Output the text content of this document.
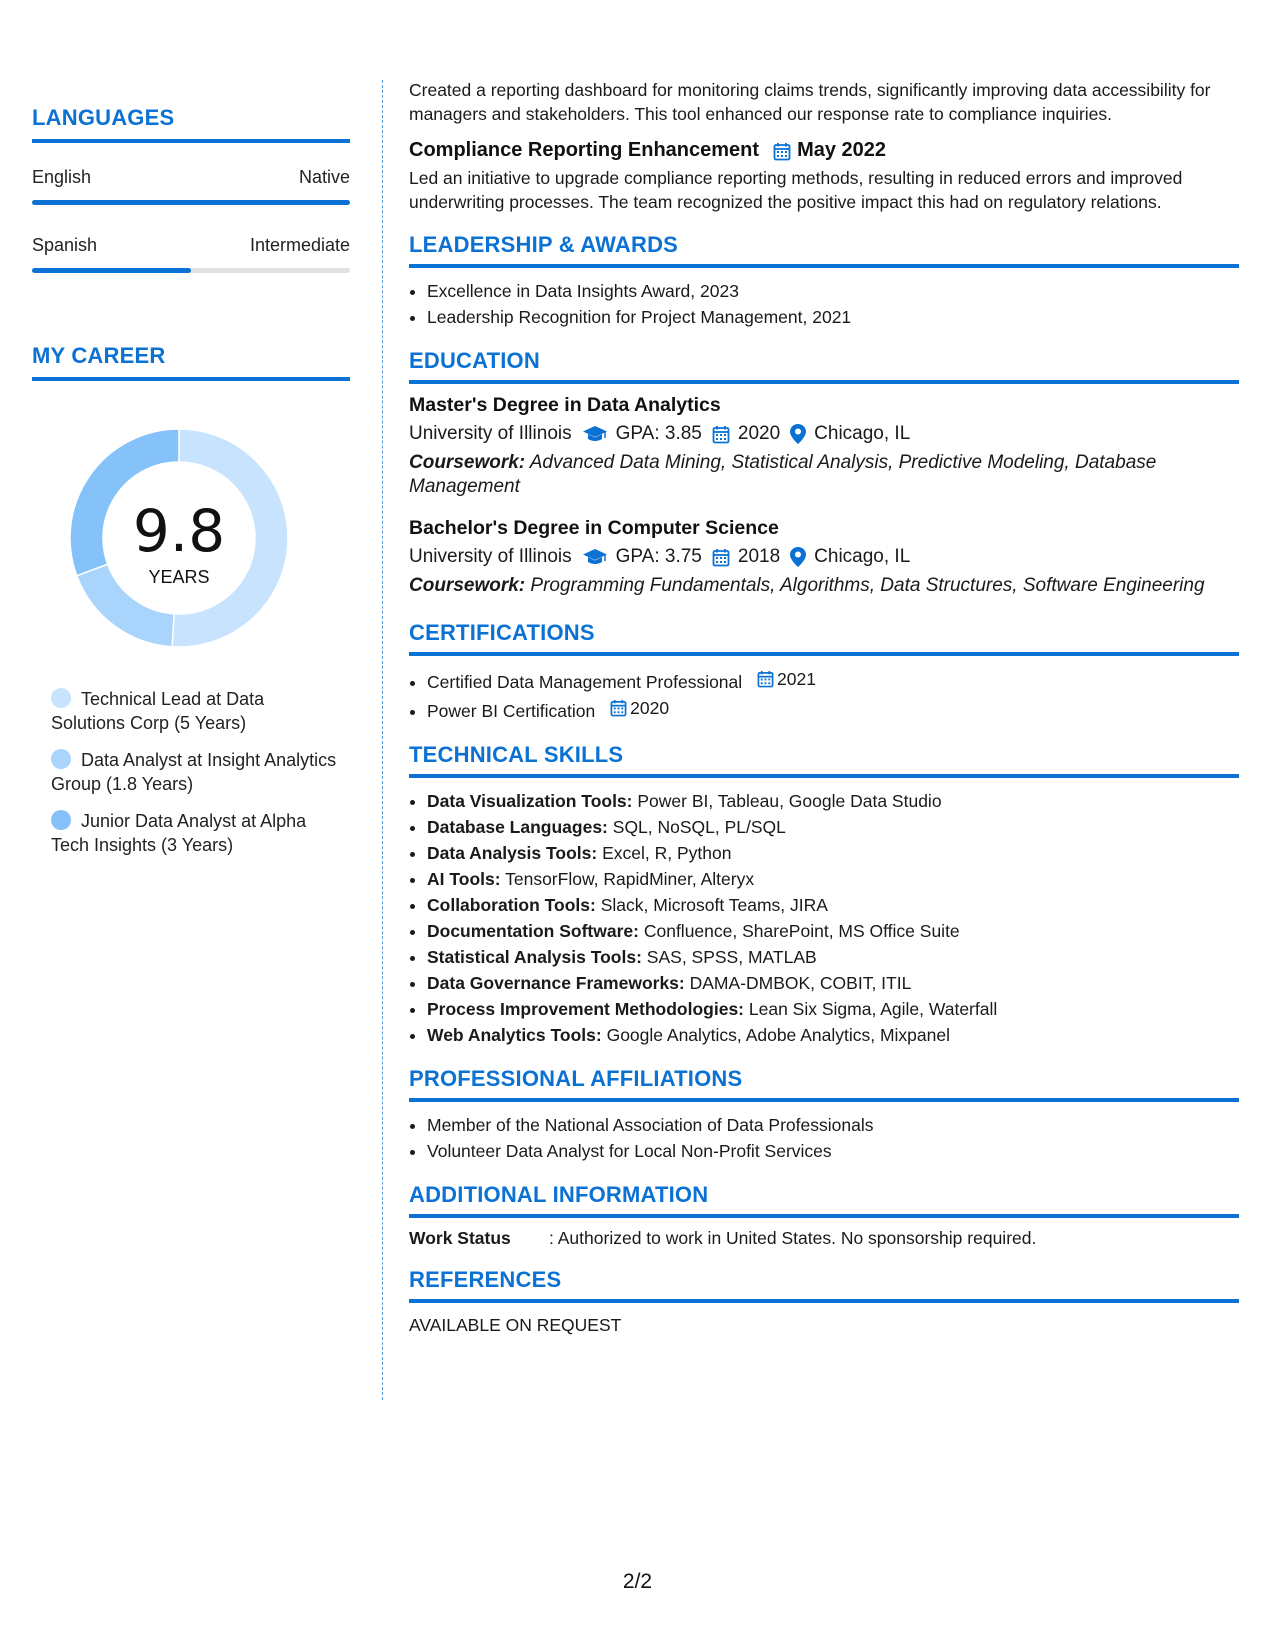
LANGUAGES
English	Native
Spanish	Intermediate
MY CAREER
9.8
YEARS
Technical Lead at Data Solutions Corp (5 Years)
Data Analyst at Insight Analytics Group (1.8 Years)
Junior Data Analyst at Alpha Tech Insights (3 Years)

Created a reporting dashboard for monitoring claims trends, significantly improving data accessibility for managers and stakeholders. This tool enhanced our response rate to compliance inquiries.

Compliance Reporting Enhancement May 2022

Led an initiative to upgrade compliance reporting methods, resulting in reduced errors and improved underwriting processes. The team recognized the positive impact this had on regulatory relations.

LEADERSHIP & AWARDS
• Excellence in Data Insights Award, 2023
• Leadership Recognition for Project Management, 2021
EDUCATION
Master's Degree in Data Analytics
University of Illinois GPA: 3.85 2020 Chicago, IL
Coursework: Advanced Data Mining, Statistical Analysis, Predictive Modeling, Database Management
Bachelor's Degree in Computer Science
University of Illinois GPA: 3.75 2018 Chicago, IL
Coursework: Programming Fundamentals, Algorithms, Data Structures, Software Engineering
CERTIFICATIONS
• Certified Data Management Professional 2021
• Power BI Certification 2020
TECHNICAL SKILLS
• Data Visualization Tools: Power BI, Tableau, Google Data Studio
• Database Languages: SQL, NoSQL, PL/SQL
• Data Analysis Tools: Excel, R, Python
• AI Tools: TensorFlow, RapidMiner, Alteryx
• Collaboration Tools: Slack, Microsoft Teams, JIRA
• Documentation Software: Confluence, SharePoint, MS Office Suite
• Statistical Analysis Tools: SAS, SPSS, MATLAB
• Data Governance Frameworks: DAMA-DMBOK, COBIT, ITIL
• Process Improvement Methodologies: Lean Six Sigma, Agile, Waterfall
• Web Analytics Tools: Google Analytics, Adobe Analytics, Mixpanel
PROFESSIONAL AFFILIATIONS
• Member of the National Association of Data Professionals
• Volunteer Data Analyst for Local Non-Profit Services
ADDITIONAL INFORMATION
Work Status	: Authorized to work in United States. No sponsorship required.
REFERENCES
AVAILABLE ON REQUEST
2/2
